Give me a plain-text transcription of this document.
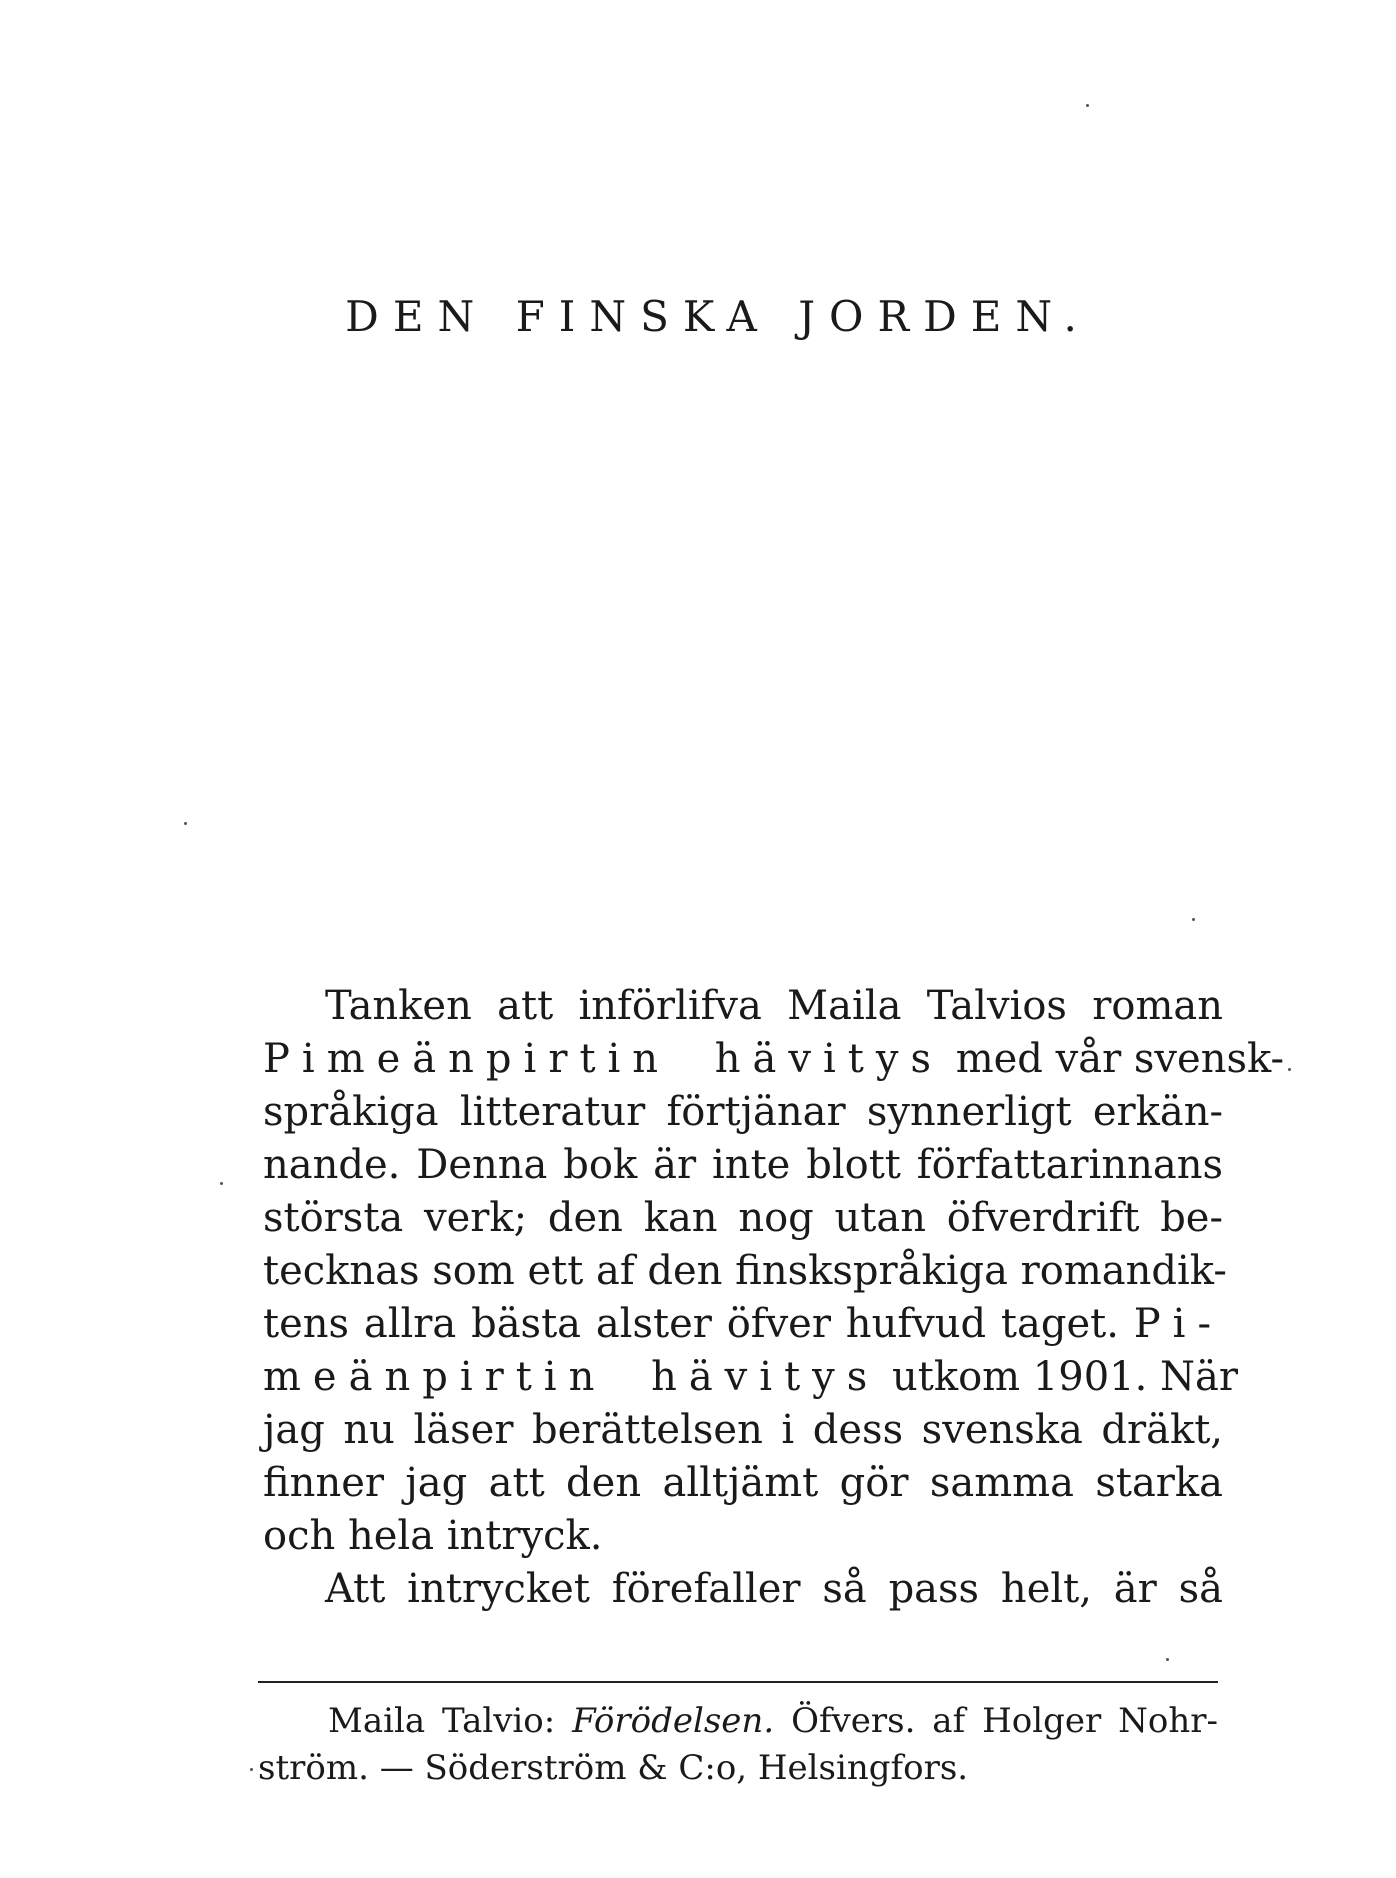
DEN FINSKA JORDEN.
Tanken att införlifva Maila Talvios roman
Pimeänpirtin hävitys med vår svensk-
språkiga litteratur förtjänar synnerligt erkän-
nande. Denna bok är inte blott författarinnans
största verk; den kan nog utan öfverdrift be-
tecknas som ett af den finskspråkiga romandik-
tens allra bästa alster öfver hufvud taget. Pi-
meänpirtin hävitys utkom 1901. När
jag nu läser berättelsen i dess svenska dräkt,
finner jag att den alltjämt gör samma starka
och hela intryck.
Att intrycket förefaller så pass helt, är så
Maila Talvio: Förödelsen. Öfvers. af Holger Nohr-
ström. — Söderström & C:o, Helsingfors.
